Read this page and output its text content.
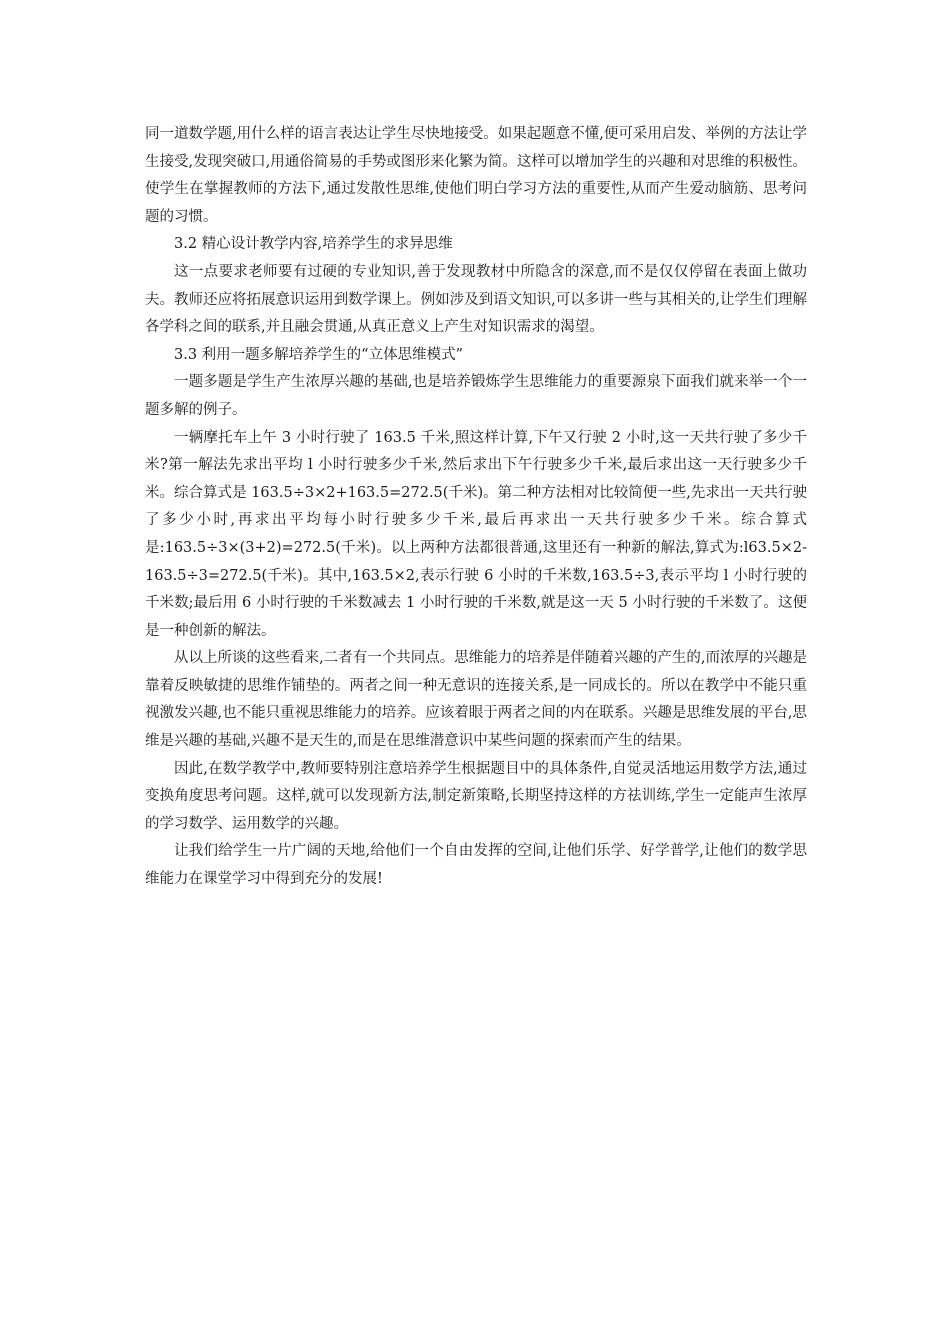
同一道数学题,用什么样的语言表达让学生尽快地接受。如果起题意不懂,便可采用启发、举例的方法让学生接受,发现突破口,用通俗简易的手势或图形来化繁为简。这样可以增加学生的兴趣和对思维的积极性。使学生在掌握教师的方法下,通过发散性思维,使他们明白学习方法的重要性,从而产生爱动脑筋、思考问题的习惯。

3.2 精心设计教学内容,培养学生的求异思维

这一点要求老师要有过硬的专业知识,善于发现教材中所隐含的深意,而不是仅仅停留在表面上做功夫。教师还应将拓展意识运用到数学课上。例如涉及到语文知识,可以多讲一些与其相关的,让学生们理解各学科之间的联系,并且融会贯通,从真正意义上产生对知识需求的渴望。

3.3 利用一题多解培养学生的“立体思维模式”

一题多题是学生产生浓厚兴趣的基础,也是培养锻炼学生思维能力的重要源泉下面我们就来举一个一题多解的例子。

一辆摩托车上午 3 小时行驶了 163.5 千米,照这样计算,下午又行驶 2 小时,这一天共行驶了多少千米?第一解法先求出平均 l 小时行驶多少千米,然后求出下午行驶多少千米,最后求出这一天行驶多少千米。综合算式是 163.5÷3×2+163.5=272.5(千米)。第二种方法相对比较简便一些,先求出一天共行驶了多少小时,再求出平均每小时行驶多少千米,最后再求出一天共行驶多少千米。综合算式是:163.5÷3×(3+2)=272.5(千米)。以上两种方法都很普通,这里还有一种新的解法,算式为:l63.5×2-163.5÷3=272.5(千米)。其中,163.5×2,表示行驶 6 小时的千米数,163.5÷3,表示平均 l 小时行驶的千米数;最后用 6 小时行驶的千米数减去 1 小时行驶的千米数,就是这一天 5 小时行驶的千米数了。这便是一种创新的解法。

从以上所谈的这些看来,二者有一个共同点。思维能力的培养是伴随着兴趣的产生的,而浓厚的兴趣是靠着反映敏捷的思维作铺垫的。两者之间一种无意识的连接关系,是一同成长的。所以在教学中不能只重视激发兴趣,也不能只重视思维能力的培养。应该着眼于两者之间的内在联系。兴趣是思维发展的平台,思维是兴趣的基础,兴趣不是天生的,而是在思维潜意识中某些问题的探索而产生的结果。

因此,在数学教学中,教师要特别注意培养学生根据题目中的具体条件,自觉灵活地运用数学方法,通过变换角度思考问题。这样,就可以发现新方法,制定新策略,长期坚持这样的方祛训练,学生一定能声生浓厚的学习数学、运用数学的兴趣。

让我们给学生一片广阔的天地,给他们一个自由发挥的空间,让他们乐学、好学普学,让他们的数学思维能力在课堂学习中得到充分的发展!
